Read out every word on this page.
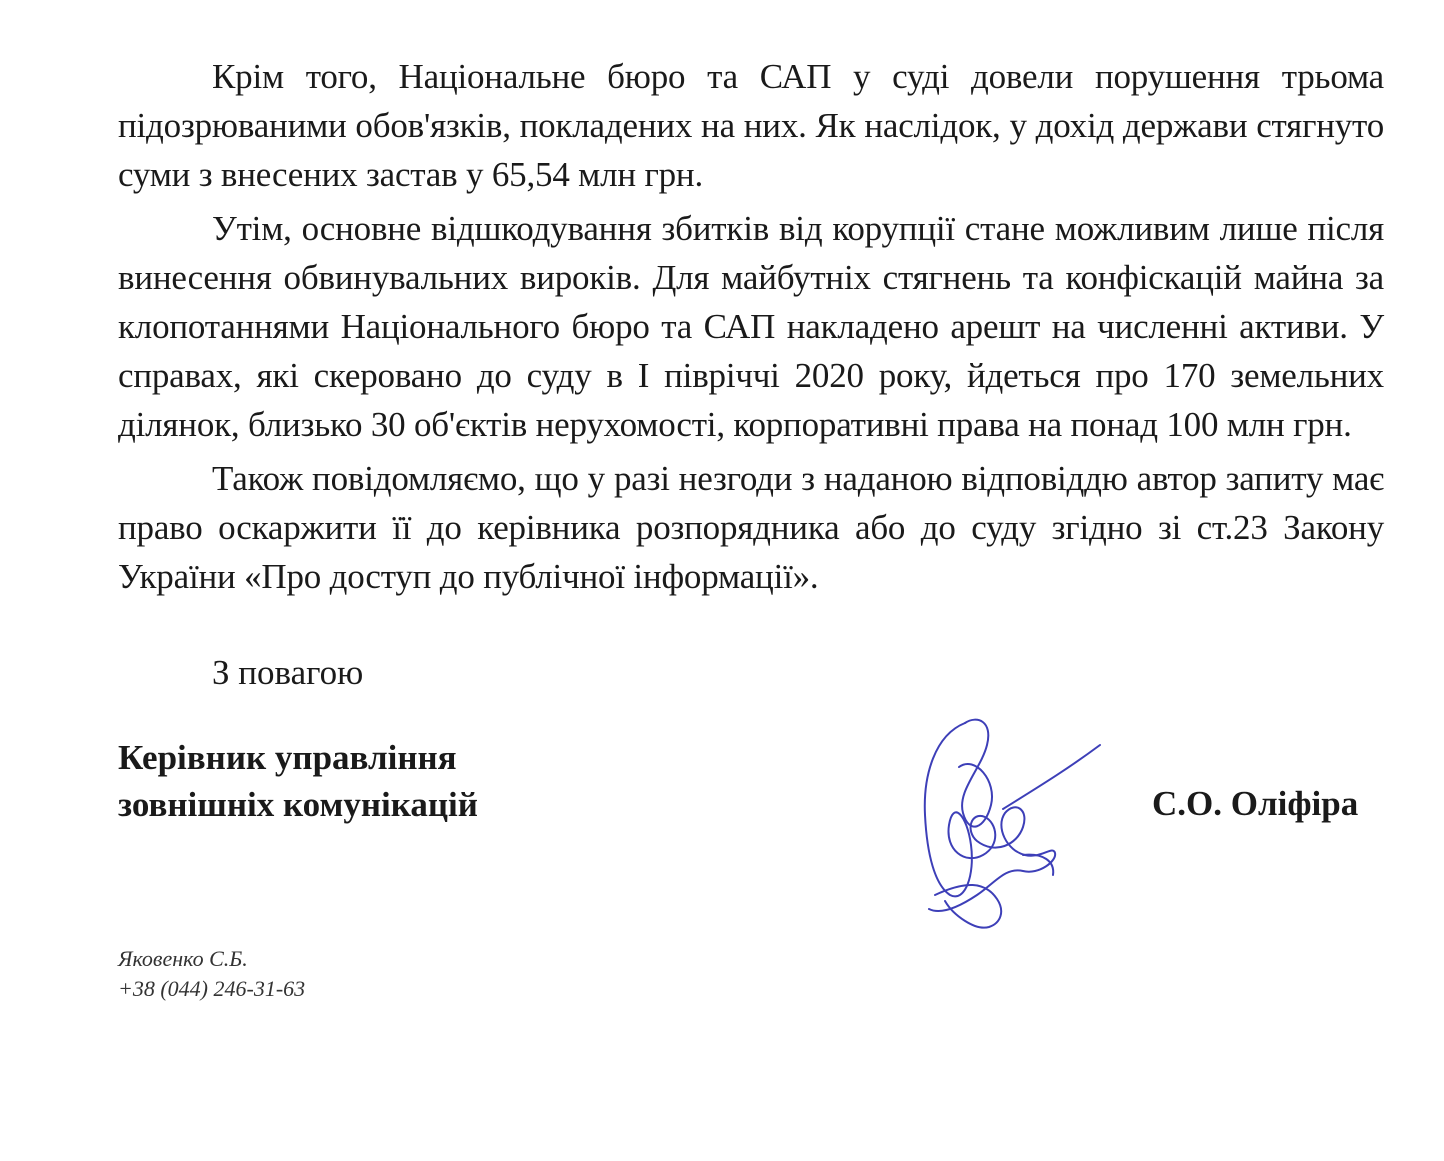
Крім того, Національне бюро та САП у суді довели порушення трьома підозрюваними обов'язків, покладених на них. Як наслідок, у дохід держави стягнуто суми з внесених застав у 65,54 млн грн.

Утім, основне відшкодування збитків від корупції стане можливим лише після винесення обвинувальних вироків. Для майбутніх стягнень та конфіскацій майна за клопотаннями Національного бюро та САП накладено арешт на численні активи. У справах, які скеровано до суду в І півріччі 2020 року, йдеться про 170 земельних ділянок, близько 30 об'єктів нерухомості, корпоративні права на понад 100 млн грн.

Також повідомляємо, що у разі незгоди з наданою відповіддю автор запиту має право оскаржити її до керівника розпорядника або до суду згідно зі ст.23 Закону України «Про доступ до публічної інформації».

З повагою
Керівник управління
зовнішніх комунікацій	С.О. Оліфіра
Яковенко С.Б.
+38 (044) 246-31-63
